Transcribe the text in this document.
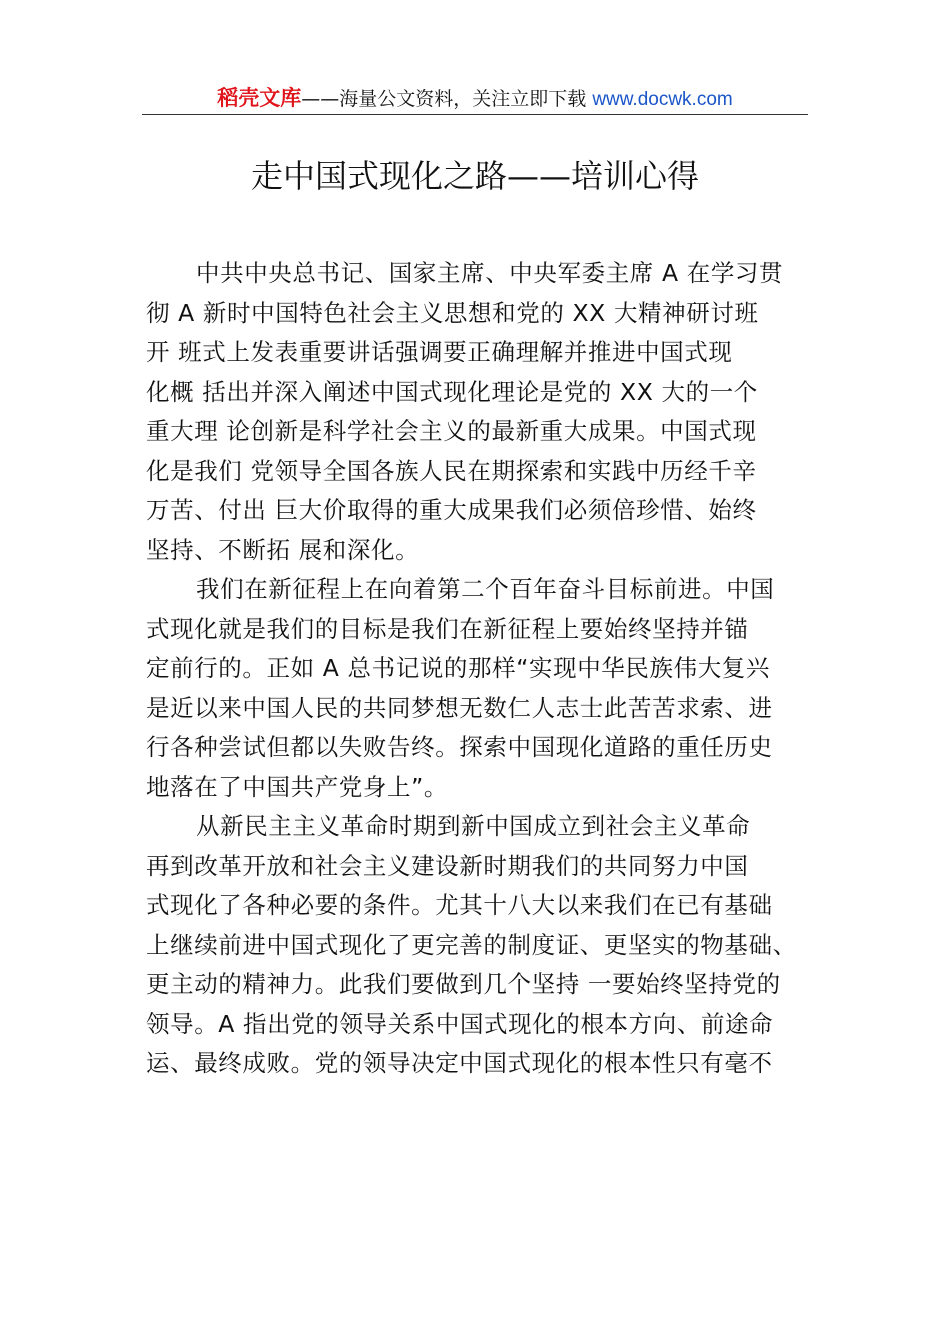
稻壳文库——海量公文资料，关注立即下载 www.docwk.com
走中国式现化之路——培训心得

中共中央总书记、国家主席、中央军委主席 A 在学习贯
彻 A 新时中国特色社会主义思想和党的 XX 大精神研讨班
开 班式上发表重要讲话强调要正确理解并推进中国式现
化概 括出并深入阐述中国式现化理论是党的 XX 大的一个
重大理 论创新是科学社会主义的最新重大成果。中国式现
化是我们 党领导全国各族人民在期探索和实践中历经千辛
万苦、付出 巨大价取得的重大成果我们必须倍珍惜、始终
坚持、不断拓 展和深化。

我们在新征程上在向着第二个百年奋斗目标前进。中国
式现化就是我们的目标是我们在新征程上要始终坚持并锚
定前行的。正如 A 总书记说的那样“实现中华民族伟大复兴
是近以来中国人民的共同梦想无数仁人志士此苦苦求索、进
行各种尝试但都以失败告终。探索中国现化道路的重任历史
地落在了中国共产党身上”。

从新民主主义革命时期到新中国成立到社会主义革命
再到改革开放和社会主义建设新时期我们的共同努力中国
式现化了各种必要的条件。尤其十八大以来我们在已有基础
上继续前进中国式现化了更完善的制度证、更坚实的物基础、
更主动的精神力。此我们要做到几个坚持 一要始终坚持党的
领导。A 指出党的领导关系中国式现化的根本方向、前途命
运、最终成败。党的领导决定中国式现化的根本性只有毫不
